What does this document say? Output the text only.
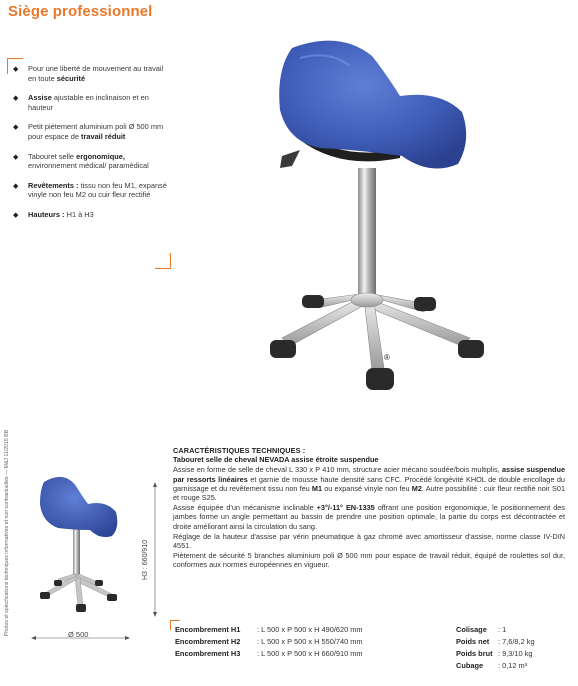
Siège professionnel
◆ Pour une liberté de mouvement au travail en toute sécurité
◆ Assise ajustable en inclinaison et en hauteur
◆ Petit piétement aluminium poli Ø 500 mm pour espace de travail réduit
◆ Tabouret selle ergonomique, environnement médical/ paramédical
◆ Revêtements : tissu non feu M1, expansé vinyle non feu M2 ou cuir fleur rectifié
◆ Hauteurs : H1 à H3
Photos et spécifications techniques informatives et non contractuelles — M&J 11/2015 BB
®
Ø 500
H3 : 660/910
CARACTÉRISTIQUES TECHNIQUES :
Tabouret selle de cheval NEVADA assise étroite suspendue

Assise en forme de selle de cheval L 330 x P 410 mm, structure acier mécano soudée/bois multiplis, assise suspendue par ressorts linéaires et garnie de mousse haute densité sans CFC. Procédé longévité KHOL de double encollage du garnissage et du revêtement tissu non feu M1 ou expansé vinyle non feu M2. Autre possibilité : cuir fleur rectifié noir S01 et rouge S25.

Assise équipée d'un mécanisme inclinable +3°/-11° EN-1335 offrant une position ergonomique, le positionnement des jambes forme un angle permettant au bassin de prendre une position optimale, la partie du corps est décontractée et droite améliorant ainsi la circulation du sang.

Réglage de la hauteur d'assise par vérin pneumatique à gaz chromé avec amortisseur d'assise, norme classe IV-DIN 4551.

Piètement de sécurité 5 branches aluminium poli Ø 500 mm pour espace de travail réduit, équipé de roulettes sol dur, conformes aux normes européennes en vigueur.

Encombrement H1	: L 500 x P 500 x H 490/620 mm
Encombrement H2	: L 500 x P 500 x H 550/740 mm
Encombrement H3	: L 500 x P 500 x H 660/910 mm
Colisage	: 1
Poids net	: 7,6/8,2 kg
Poids brut : 9,3/10 kg
Cubage	: 0,12 m³
